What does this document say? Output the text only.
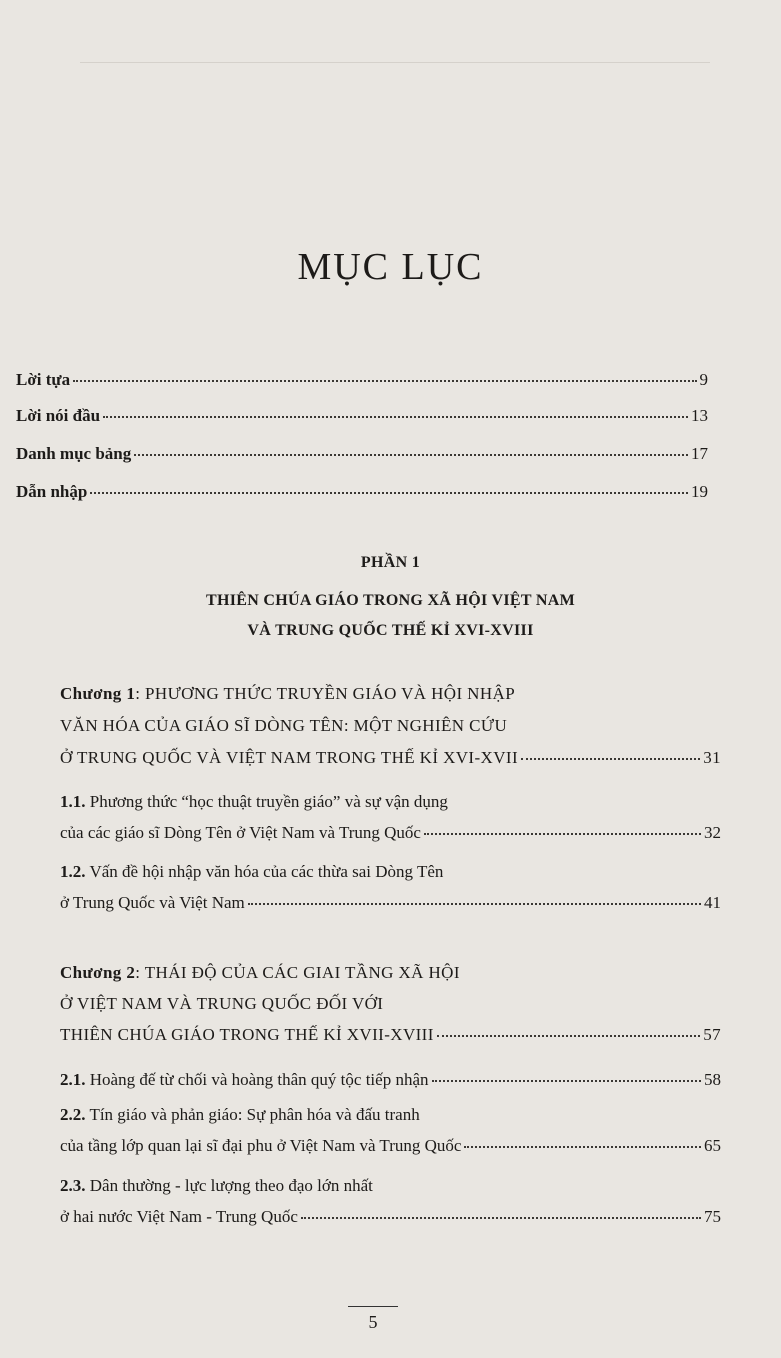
MỤC LỤC
Lời tựa	9
Lời nói đầu	13
Danh mục bảng	17
Dẫn nhập	19
PHẦN 1
THIÊN CHÚA GIÁO TRONG XÃ HỘI VIỆT NAM
VÀ TRUNG QUỐC THẾ KỈ XVI-XVIII
Chương 1: PHƯƠNG THỨC TRUYỀN GIÁO VÀ HỘI NHẬP
VĂN HÓA CỦA GIÁO SĨ DÒNG TÊN: MỘT NGHIÊN CỨU
Ở TRUNG QUỐC VÀ VIỆT NAM TRONG THẾ KỈ XVI-XVII	31
1.1. Phương thức “học thuật truyền giáo” và sự vận dụng
của các giáo sĩ Dòng Tên ở Việt Nam và Trung Quốc	32
1.2. Vấn đề hội nhập văn hóa của các thừa sai Dòng Tên
ở Trung Quốc và Việt Nam	41
Chương 2: THÁI ĐỘ CỦA CÁC GIAI TẦNG XÃ HỘI
Ở VIỆT NAM VÀ TRUNG QUỐC ĐỐI VỚI
THIÊN CHÚA GIÁO TRONG THẾ KỈ XVII-XVIII	57
2.1. Hoàng đế từ chối và hoàng thân quý tộc tiếp nhận	58
2.2. Tín giáo và phản giáo: Sự phân hóa và đấu tranh
của tầng lớp quan lại sĩ đại phu ở Việt Nam và Trung Quốc	65
2.3. Dân thường - lực lượng theo đạo lớn nhất
ở hai nước Việt Nam - Trung Quốc	75
5
